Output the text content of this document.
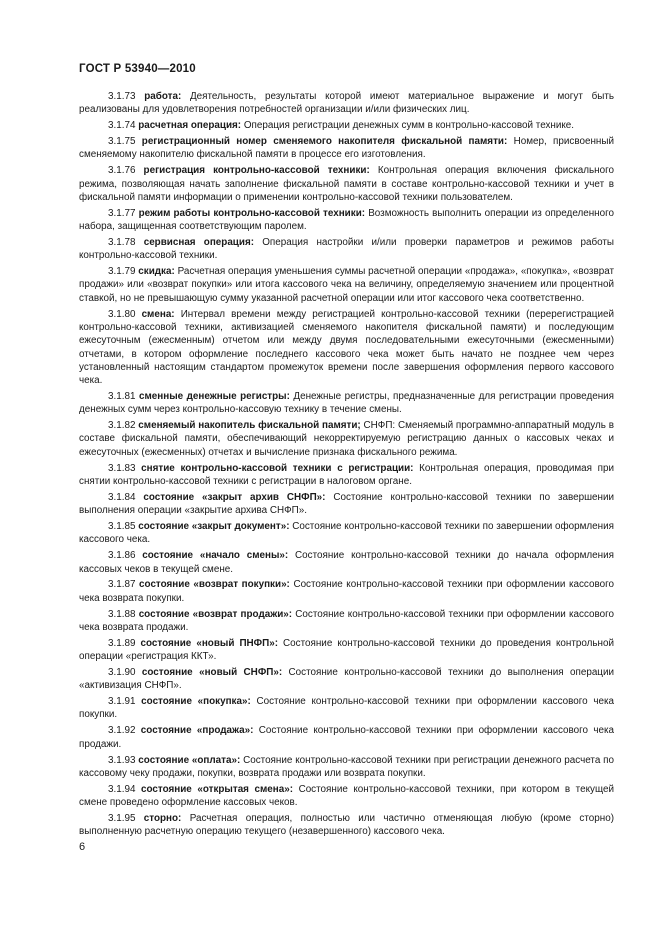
ГОСТ Р 53940—2010

3.1.73 работа: Деятельность, результаты которой имеют материальное выражение и могут быть реализованы для удовлетворения потребностей организации и/или физических лиц.

3.1.74 расчетная операция: Операция регистрации денежных сумм в контрольно-кассовой технике.

3.1.75 регистрационный номер сменяемого накопителя фискальной памяти: Номер, присвоенный сменяемому накопителю фискальной памяти в процессе его изготовления.

3.1.76 регистрация контрольно-кассовой техники: Контрольная операция включения фискального режима, позволяющая начать заполнение фискальной памяти в составе контрольно-кассовой техники и учет в фискальной памяти информации о применении контрольно-кассовой техники пользователем.

3.1.77 режим работы контрольно-кассовой техники: Возможность выполнить операции из определенного набора, защищенная соответствующим паролем.

3.1.78 сервисная операция: Операция настройки и/или проверки параметров и режимов работы контрольно-кассовой техники.

3.1.79 скидка: Расчетная операция уменьшения суммы расчетной операции «продажа», «покупка», «возврат продажи» или «возврат покупки» или итога кассового чека на величину, определяемую значением или процентной ставкой, но не превышающую сумму указанной расчетной операции или итог кассового чека соответственно.

3.1.80 смена: Интервал времени между регистрацией контрольно-кассовой техники (перерегистрацией контрольно-кассовой техники, активизацией сменяемого накопителя фискальной памяти) и последующим ежесуточным (ежесменным) отчетом или между двумя последовательными ежесуточными (ежесменными) отчетами, в котором оформление последнего кассового чека может быть начато не позднее чем через установленный настоящим стандартом промежуток времени после завершения оформления первого кассового чека.

3.1.81 сменные денежные регистры: Денежные регистры, предназначенные для регистрации проведения денежных сумм через контрольно-кассовую технику в течение смены.

3.1.82 сменяемый накопитель фискальной памяти; СНФП: Сменяемый программно-аппаратный модуль в составе фискальной памяти, обеспечивающий некорректируемую регистрацию данных о кассовых чеках и ежесуточных (ежесменных) отчетах и вычисление признака фискального режима.

3.1.83 снятие контрольно-кассовой техники с регистрации: Контрольная операция, проводимая при снятии контрольно-кассовой техники с регистрации в налоговом органе.

3.1.84 состояние «закрыт архив СНФП»: Состояние контрольно-кассовой техники по завершении выполнения операции «закрытие архива СНФП».

3.1.85 состояние «закрыт документ»: Состояние контрольно-кассовой техники по завершении оформления кассового чека.

3.1.86 состояние «начало смены»: Состояние контрольно-кассовой техники до начала оформления кассовых чеков в текущей смене.

3.1.87 состояние «возврат покупки»: Состояние контрольно-кассовой техники при оформлении кассового чека возврата покупки.

3.1.88 состояние «возврат продажи»: Состояние контрольно-кассовой техники при оформлении кассового чека возврата продажи.

3.1.89 состояние «новый ПНФП»: Состояние контрольно-кассовой техники до проведения контрольной операции «регистрация ККТ».

3.1.90 состояние «новый СНФП»: Состояние контрольно-кассовой техники до выполнения операции «активизация СНФП».

3.1.91 состояние «покупка»: Состояние контрольно-кассовой техники при оформлении кассового чека покупки.

3.1.92 состояние «продажа»: Состояние контрольно-кассовой техники при оформлении кассового чека продажи.

3.1.93 состояние «оплата»: Состояние контрольно-кассовой техники при регистрации денежного расчета по кассовому чеку продажи, покупки, возврата продажи или возврата покупки.

3.1.94 состояние «открытая смена»: Состояние контрольно-кассовой техники, при котором в текущей смене проведено оформление кассовых чеков.

3.1.95 сторно: Расчетная операция, полностью или частично отменяющая любую (кроме сторно) выполненную расчетную операцию текущего (незавершенного) кассового чека.

6
